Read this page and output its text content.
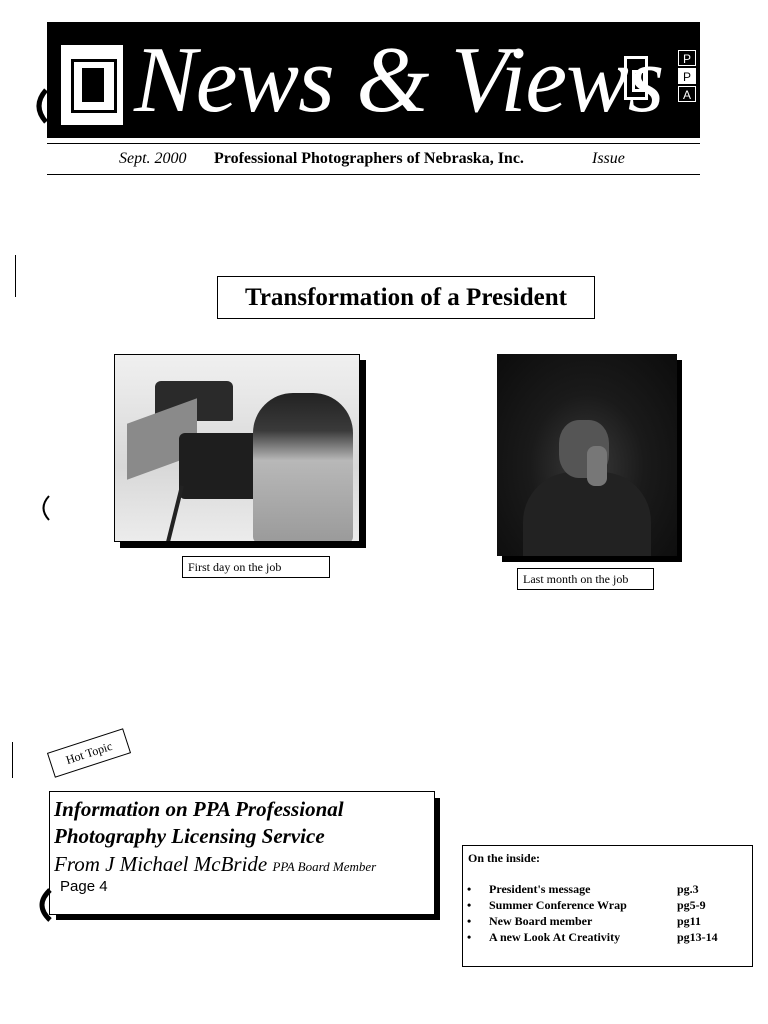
News & Views	P
P
A
Sept. 2000 Professional Photographers of Nebraska, Inc.	Issue
Transformation of a President
First day on the job
Last month on the job
Hot Topic
Information on PPA Professional
Photography Licensing Service
From J Michael McBride PPA Board Member
Page 4
On the inside:
• President's message	pg.3
• Summer Conference Wrap	pg5-9
• New Board member	pg11
• A new Look At Creativity	pg13-14
